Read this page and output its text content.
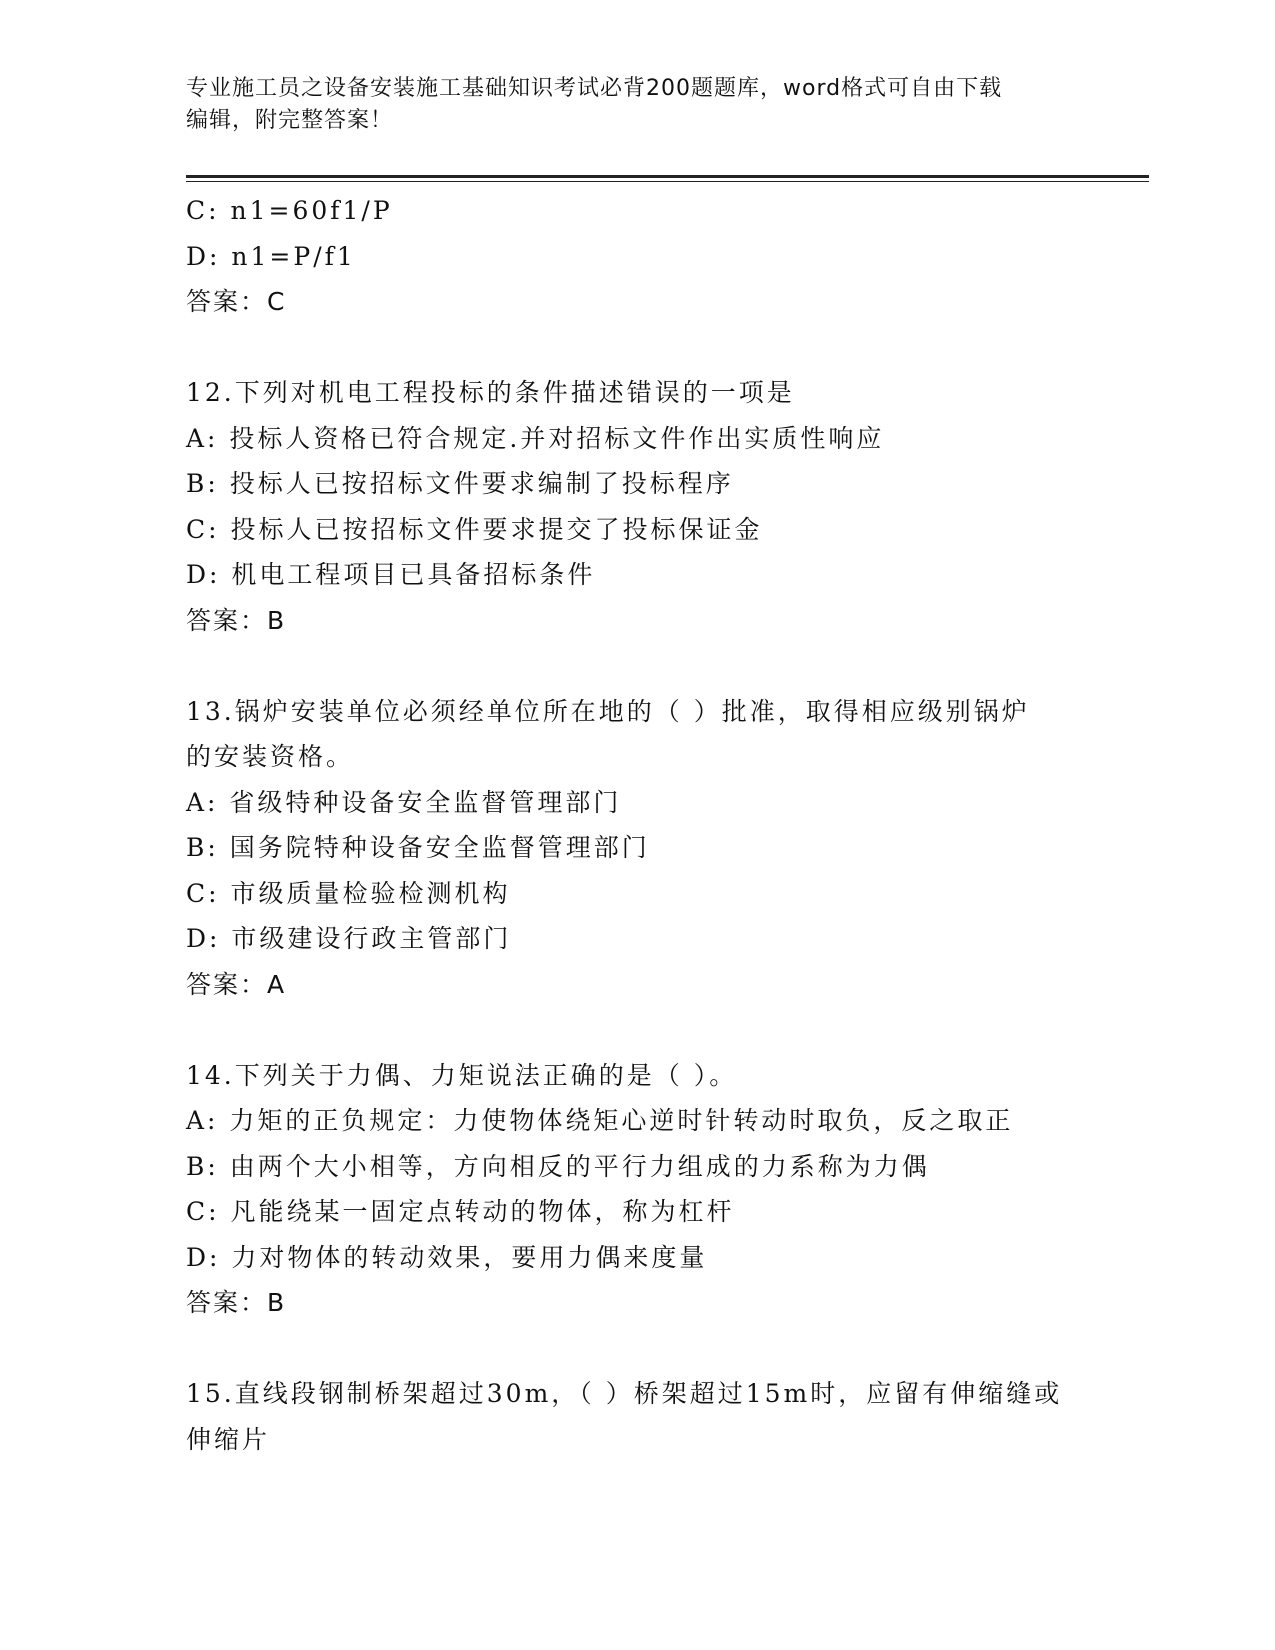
专业施工员之设备安装施工基础知识考试必背200题题库，word格式可自由下载
编辑，附完整答案！
C: n1=60f1/P
D: n1=P/f1
答案：C
12.下列对机电工程投标的条件描述错误的一项是
A: 投标人资格已符合规定.并对招标文件作出实质性响应
B: 投标人已按招标文件要求编制了投标程序
C: 投标人已按招标文件要求提交了投标保证金
D: 机电工程项目已具备招标条件
答案：B
13.锅炉安装单位必须经单位所在地的（ ）批准，取得相应级别锅炉
的安装资格。
A: 省级特种设备安全监督管理部门
B: 国务院特种设备安全监督管理部门
C: 市级质量检验检测机构
D: 市级建设行政主管部门
答案：A
14.下列关于力偶、力矩说法正确的是（ ）。
A: 力矩的正负规定：力使物体绕矩心逆时针转动时取负，反之取正
B: 由两个大小相等，方向相反的平行力组成的力系称为力偶
C: 凡能绕某一固定点转动的物体，称为杠杆
D: 力对物体的转动效果，要用力偶来度量
答案：B
15.直线段钢制桥架超过30m，（ ）桥架超过15m时，应留有伸缩缝或
伸缩片
